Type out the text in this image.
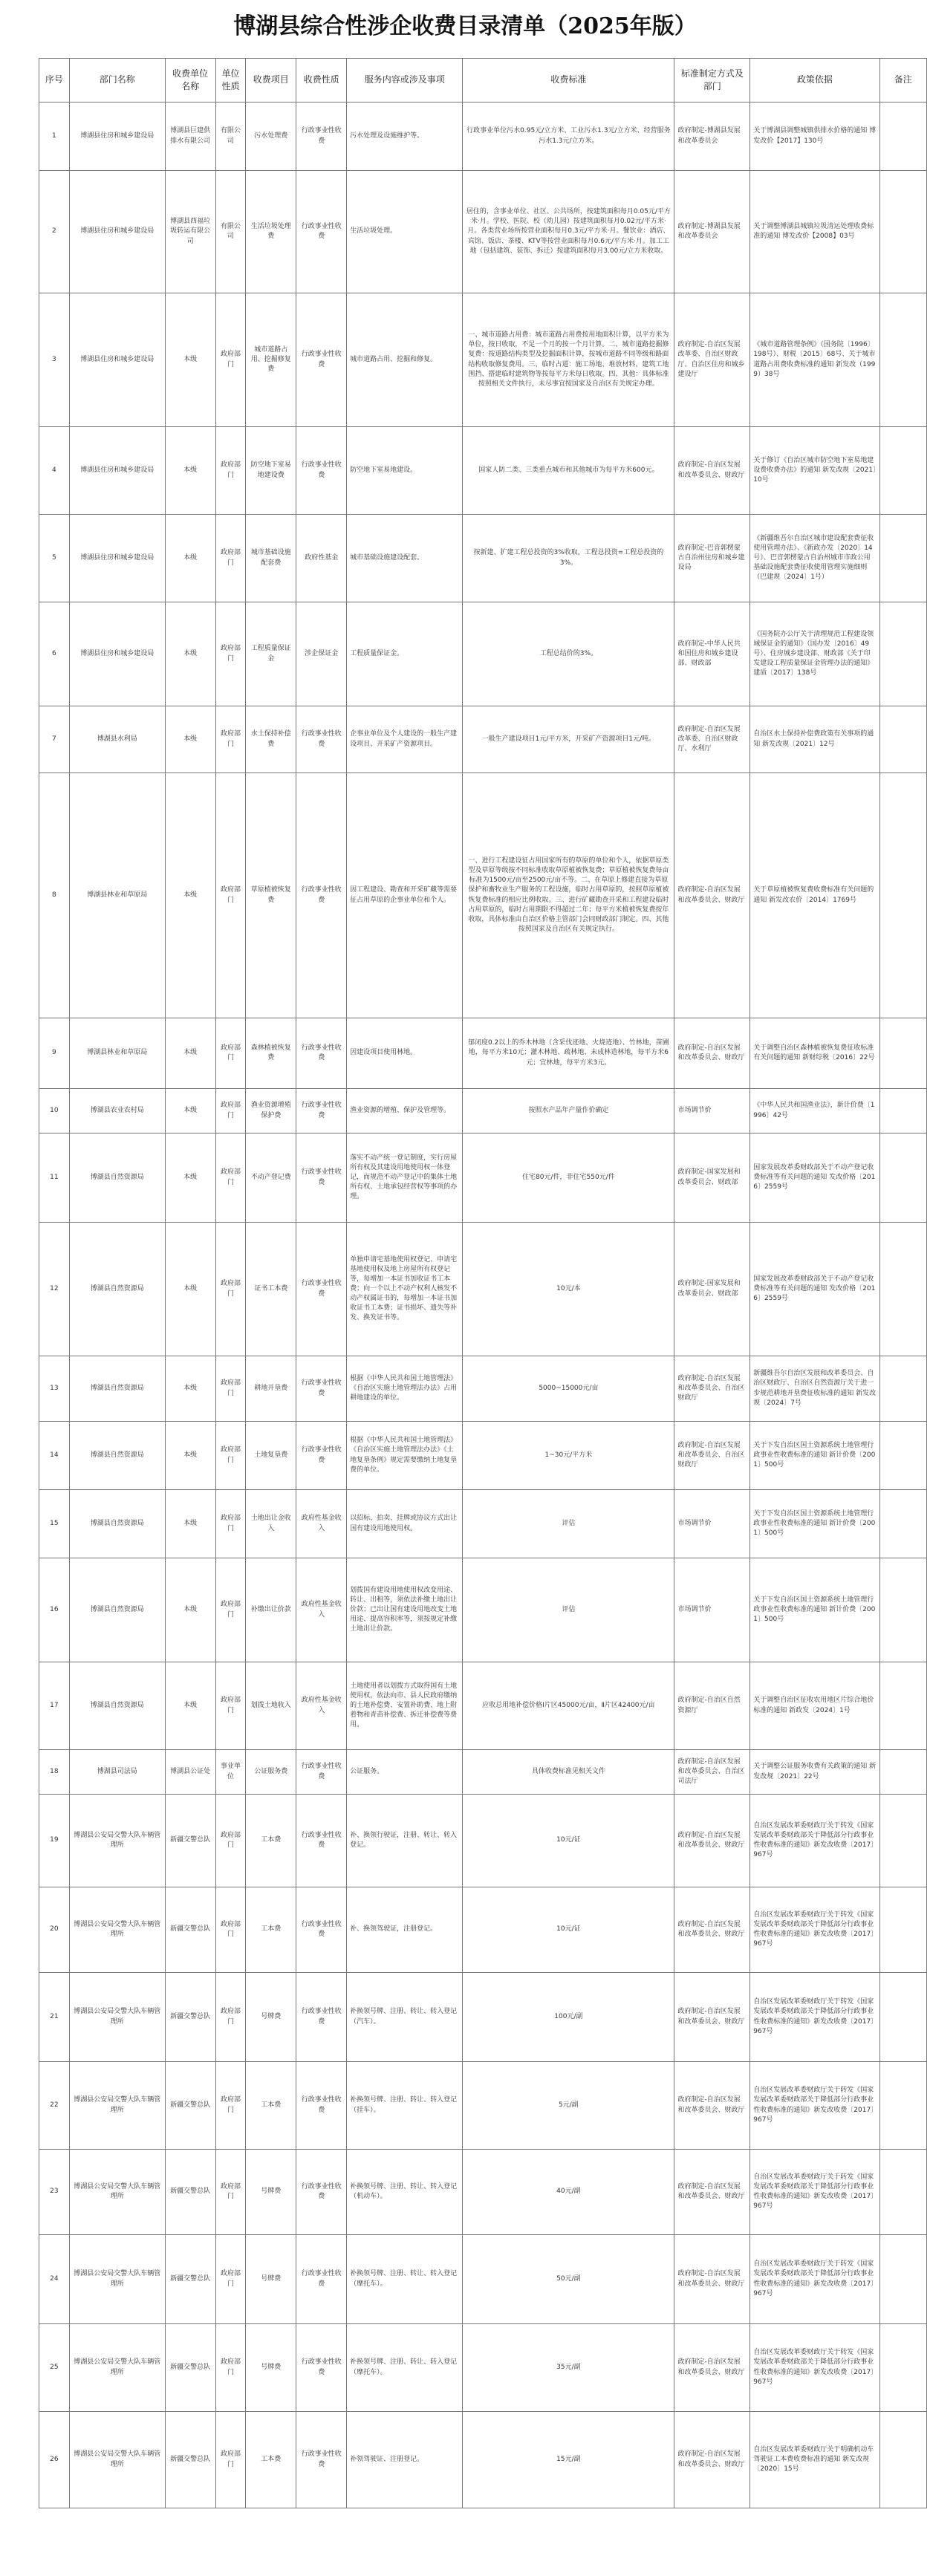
博湖县综合性涉企收费目录清单（2025年版）
序号	部门名称	收费单位名称	单位性质	收费项目	收费性质	服务内容或涉及事项	收费标准	标准制定方式及部门	政策依据	备注
1	博湖县住房和城乡建设局	博湖县巨建供排水有限公司	有限公司	污水处理费	行政事业性收费	污水处理及设施维护等。	行政事业单位污水0.95元/立方米、工业污水1.3元/立方米、经营服务污水1.3元/立方米。	政府制定-博湖县发展和改革委员会	关于博湖县调整城镇供排水价格的通知 博发改价【2017】130号	
2	博湖县住房和城乡建设局	博湖县西福垃圾转运有限公司	有限公司	生活垃圾处理费	行政事业性收费	生活垃圾处理。	居住的，含事业单位、社区、公共场所，按建筑面积每月0.05元/平方米·月。学校、医院、校（幼儿园）按建筑面积每月0.02元/平方米·月。各类营业场所按营业面积每月0.3元/平方米·月。餐饮业：酒店、宾馆、饭店、茶楼、KTV等按营业面积每月0.6元/平方米·月。加工工地（包括建筑、装饰、拆迁）按建筑面积每月3.00元/立方米收取。	政府制定-博湖县发展和改革委员会	关于调整博湖县城镇垃圾清运处理收费标准的通知 博发改价【2008】03号	
3	博湖县住房和城乡建设局	本级	政府部门	城市道路占用、挖掘修复费	行政事业性收费	城市道路占用、挖掘和修复。	一、城市道路占用费：城市道路占用费按用地面积计算，以平方米为单位，按日收取，不足一个月的按一个月计算。二、城市道路挖掘修复费：按道路结构类型及挖掘面积计算，按城市道路不同等级和路面结构收取修复费用。三、临时占道：施工场地、堆放材料、建筑工地围挡、搭建临时建筑物等按每平方米每日收取。四、其他：具体标准按照相关文件执行，未尽事宜按国家及自治区有关规定办理。	政府制定-自治区发展改革委、自治区财政厅、自治区住房和城乡建设厅	《城市道路管理条例》（国务院〔1996〕198号）、财税〔2015〕68号、关于城市道路占用费收费标准的通知 新发改（1999）38号	
4	博湖县住房和城乡建设局	本级	政府部门	防空地下室易地建设费	行政事业性收费	防空地下室易地建设。	国家人防二类、三类重点城市和其他城市为每平方米600元。	政府制定-自治区发展和改革委员会、财政厅	关于修订《自治区城市防空地下室易地建设费收费办法》的通知 新发改规〔2021〕10号	
5	博湖县住房和城乡建设局	本级	政府部门	城市基础设施配套费	政府性基金	城市基础设施建设配套。	按新建、扩建工程总投资的3%收取，工程总投资=工程总投资的3%。	政府制定-巴音郭楞蒙古自治州住房和城乡建设局	《新疆维吾尔自治区城市建设配套费征收使用管理办法》、《新政办发〔2020〕14号》、巴音郭楞蒙古自治州城市市政公用基础设施配套费征收使用管理实施细则（巴建规〔2024〕1号）	
6	博湖县住房和城乡建设局	本级	政府部门	工程质量保证金	涉企保证金	工程质量保证金。	工程总结价的3%。	政府制定-中华人民共和国住房和城乡建设部、财政部	《国务院办公厅关于清理规范工程建设领域保证金的通知》（国办发〔2016〕49号）、住房城乡建设部、财政部《关于印发建设工程质量保证金管理办法的通知》建质〔2017〕138号	
7	博湖县水利局	本级	政府部门	水土保持补偿费	行政事业性收费	企事业单位及个人建设的一般生产建设项目、开采矿产资源项目。	一般生产建设项目1元/平方米，开采矿产资源项目1元/吨。	政府制定-自治区发展改革委、自治区财政厅、水利厅	自治区水土保持补偿费政策有关事项的通知 新发改规〔2021〕12号	
8	博湖县林业和草原局	本级	政府部门	草原植被恢复费	行政事业性收费	因工程建设、勘查和开采矿藏等需要征占用草原的企事业单位和个人。	一、进行工程建设征占用国家所有的草原的单位和个人，依据草原类型及草原等级按不同标准收取草原植被恢复费；草原植被恢复费每亩标准为1500元/亩至2500元/亩不等。二、在草原上修建直接为草原保护和畜牧业生产服务的工程设施，临时占用草原的，按照草原植被恢复费标准的相应比例收取。三、进行矿藏勘查开采和工程建设临时占用草原的，临时占用期限不得超过二年；每平方米植被恢复费按年收取，具体标准由自治区价格主管部门会同财政部门制定。四、其他按照国家及自治区有关规定执行。	政府制定-自治区发展和改革委员会、财政厅	关于草原植被恢复费收费标准有关问题的通知 新发改农价〔2014〕1769号	
9	博湖县林业和草原局	本级	政府部门	森林植被恢复费	行政事业性收费	因建设项目使用林地。	郁闭度0.2以上的乔木林地（含采伐迹地、火烧迹地）、竹林地，苗圃地，每平方米10元；灌木林地、疏林地、未成林造林地，每平方米6元；宜林地，每平方米3元。	政府制定-自治区发展和改革委员会、财政厅	关于调整自治区森林植被恢复费征收标准有关问题的通知 新财综税〔2016〕22号	
10	博湖县农业农村局	本级	政府部门	渔业资源增殖保护费	行政事业性收费	渔业资源的增殖、保护及管理等。	按照水产品年产量作价确定	市场调节价	《中华人民共和国渔业法》，新计价费〔1996〕42号	
11	博湖县自然资源局	本级	政府部门	不动产登记费	行政事业性收费	落实不动产统一登记制度，实行房屋所有权及其建设用地使用权一体登记，而规范不动产登记中的集体土地所有权、土地承包经营权等事项的办理。	住宅80元/件，非住宅550元/件	政府制定-国家发展和改革委员会、财政部	国家发展改革委财政部关于不动产登记收费标准等有关问题的通知 发改价格〔2016〕2559号	
12	博湖县自然资源局	本级	政府部门	证书工本费	行政事业性收费	单独申请宅基地使用权登记、申请宅基地使用权及地上房屋所有权登记等，每增加一本证书加收证书工本费；向一个以上不动产权利人核发不动产权属证书的，每增加一本证书加收证书工本费；证书损坏、遗失等补发、换发证书等。	10元/本	政府制定-国家发展和改革委员会、财政部	国家发展改革委财政部关于不动产登记收费标准等有关问题的通知 发改价格〔2016〕2559号	
13	博湖县自然资源局	本级	政府部门	耕地开垦费	行政事业性收费	根据《中华人民共和国土地管理法》《自治区实施土地管理法办法》占用耕地建设的单位。	5000~15000元/亩	政府制定-自治区发展和改革委员会、自治区财政厅	新疆维吾尔自治区发展和改革委员会、自治区财政厅、自治区自然资源厅关于进一步规范耕地开垦费征收标准的通知 新发改规〔2024〕7号	
14	博湖县自然资源局	本级	政府部门	土地复垦费	行政事业性收费	根据《中华人民共和国土地管理法》《自治区实施土地管理法办法》《土地复垦条例》规定需要缴纳土地复垦费的单位。	1~30元/平方米	政府制定-自治区发展和改革委员会、自治区财政厅	关于下发自治区国土资源系统土地管理行政事业性收费标准的通知 新计价费〔2001〕500号	
15	博湖县自然资源局	本级	政府部门	土地出让金收入	政府性基金收入	以招标、拍卖、挂牌或协议方式出让国有建设用地使用权。	评估	市场调节价	关于下发自治区国土资源系统土地管理行政事业性收费标准的通知 新计价费〔2001〕500号	
16	博湖县自然资源局	本级	政府部门	补缴出让价款	政府性基金收入	划拨国有建设用地使用权改变用途、转让、出租等，须依法补缴土地出让价款；已出让国有建设用地改变土地用途、提高容积率等，须按规定补缴土地出让价款。	评估	市场调节价	关于下发自治区国土资源系统土地管理行政事业性收费标准的通知 新计价费〔2001〕500号	
17	博湖县自然资源局	本级	政府部门	划拨土地收入	政府性基金收入	土地使用者以划拨方式取得国有土地使用权，依法向市、县人民政府缴纳的土地补偿费、安置补助费、地上附着物和青苗补偿费、拆迁补偿费等费用。	应收总用地补偿价格Ⅰ片区45000元/亩，Ⅱ片区42400元/亩	政府制定-自治区自然资源厅	关于调整自治区征收农用地区片综合地价标准的通知 新政发〔2024〕1号	
18	博湖县司法局	博湖县公证处	事业单位	公证服务费	行政事业性收费	公证服务。	具体收费标准见相关文件	政府制定-自治区发展和改革委员会、自治区司法厅	关于调整公证服务收费有关政策的通知 新发改规〔2021〕22号	
19	博湖县公安局交警大队车辆管理所	新疆交警总队	政府部门	工本费	行政事业性收费	补、换领行驶证，注册、转让、转入登记。	10元/证	政府制定-自治区发展和改革委员会、财政厅	自治区发展改革委财政厅关于转发《国家发展改革委财政部关于降低部分行政事业性收费标准的通知》新发改收费〔2017〕967号	
20	博湖县公安局交警大队车辆管理所	新疆交警总队	政府部门	工本费	行政事业性收费	补、换领驾驶证，注册登记。	10元/证	政府制定-自治区发展和改革委员会、财政厅	自治区发展改革委财政厅关于转发《国家发展改革委财政部关于降低部分行政事业性收费标准的通知》新发改收费〔2017〕967号	
21	博湖县公安局交警大队车辆管理所	新疆交警总队	政府部门	号牌费	行政事业性收费	补换领号牌、注册、转让、转入登记（汽车）。	100元/副	政府制定-自治区发展和改革委员会、财政厅	自治区发展改革委财政厅关于转发《国家发展改革委财政部关于降低部分行政事业性收费标准的通知》新发改收费〔2017〕967号	
22	博湖县公安局交警大队车辆管理所	新疆交警总队	政府部门	工本费	行政事业性收费	补换领号牌、注册、转让、转入登记（挂车）。	5元/副	政府制定-自治区发展和改革委员会、财政厅	自治区发展改革委财政厅关于转发《国家发展改革委财政部关于降低部分行政事业性收费标准的通知》新发改收费〔2017〕967号	
23	博湖县公安局交警大队车辆管理所	新疆交警总队	政府部门	号牌费	行政事业性收费	补换领号牌、注册、转让、转入登记（机动车）。	40元/副	政府制定-自治区发展和改革委员会、财政厅	自治区发展改革委财政厅关于转发《国家发展改革委财政部关于降低部分行政事业性收费标准的通知》新发改收费〔2017〕967号	
24	博湖县公安局交警大队车辆管理所	新疆交警总队	政府部门	号牌费	行政事业性收费	补换领号牌、注册、转让、转入登记（摩托车）。	50元/副	政府制定-自治区发展和改革委员会、财政厅	自治区发展改革委财政厅关于转发《国家发展改革委财政部关于降低部分行政事业性收费标准的通知》新发改收费〔2017〕967号	
25	博湖县公安局交警大队车辆管理所	新疆交警总队	政府部门	号牌费	行政事业性收费	补换领号牌、注册、转让、转入登记（摩托车）。	35元/副	政府制定-自治区发展和改革委员会、财政厅	自治区发展改革委财政厅关于转发《国家发展改革委财政部关于降低部分行政事业性收费标准的通知》新发改收费〔2017〕967号	
26	博湖县公安局交警大队车辆管理所	新疆交警总队	政府部门	工本费	行政事业性收费	补领驾驶证、注册登记。	15元/副	政府制定-自治区发展和改革委员会、财政厅	自治区发展改革委财政厅关于明确机动车驾驶证工本费收费标准的通知 新发改规〔2020〕15号	
